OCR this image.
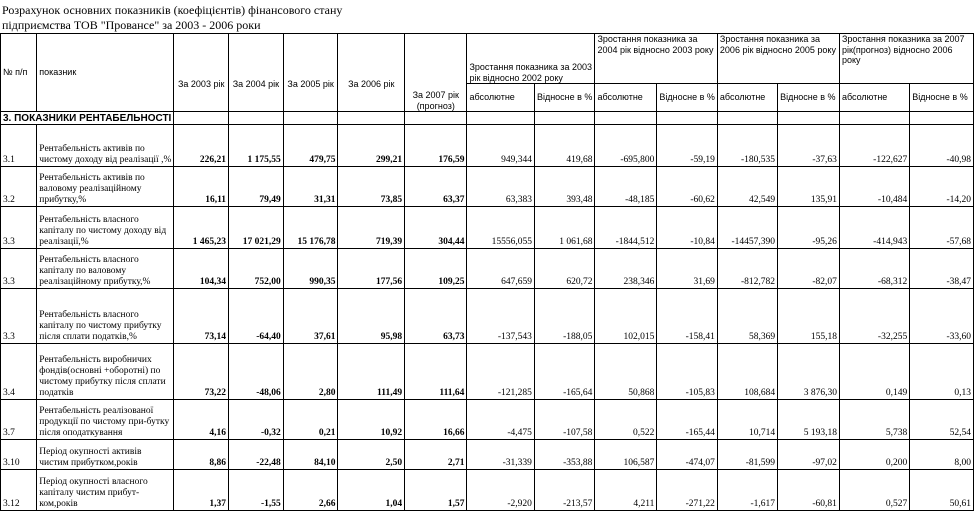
Розрахунок основних показників (коефіцієнтів) фінансового стану
підприємства ТОВ "Провансе" за 2003 - 2006 роки
№ п/п	показник	За 2003 рік	За 2004 рік	За 2005 рік	За 2006 рік	За 2007 рік (прогноз)	Зростання показника за 2003 рік відносно 2002 року		Зростання показника за 2004 рік відносно 2003 року		Зростання показника за 2006 рік відносно 2005 року		Зростання показника за 2007 рік(прогноз) відносно 2006 року	
							абсолютне	Відносне в %	абсолютне	Відносне в %	абсолютне	Відносне в %	абсолютне	Відносне в %
3. ПОКАЗНИКИ РЕНТАБЕЛЬНОСТІ														
3.1	Рентабельність активів по чистому доходу від реалізації ,%	226,21	1 175,55	479,75	299,21	176,59	949,344	419,68	-695,800	-59,19	-180,535	-37,63	-122,627	-40,98
3.2	Рентабельність активів по валовому реалізаційному прибутку,%	16,11	79,49	31,31	73,85	63,37	63,383	393,48	-48,185	-60,62	42,549	135,91	-10,484	-14,20
3.3	Рентабельність власного капіталу по чистому доходу від реалізації,%	1 465,23	17 021,29	15 176,78	719,39	304,44	15556,055	1 061,68	-1844,512	-10,84	-14457,390	-95,26	-414,943	-57,68
3.3	Рентабельність власного капіталу по валовому реалізаційному прибутку,%	104,34	752,00	990,35	177,56	109,25	647,659	620,72	238,346	31,69	-812,782	-82,07	-68,312	-38,47
3.3	Рентабельність власного капіталу по чистому прибутку після сплати податків,%	73,14	-64,40	37,61	95,98	63,73	-137,543	-188,05	102,015	-158,41	58,369	155,18	-32,255	-33,60
3.4	Рентабельність виробничих фондів(основні +оборотні) по чистому прибутку після сплати податків	73,22	-48,06	2,80	111,49	111,64	-121,285	-165,64	50,868	-105,83	108,684	3 876,30	0,149	0,13
3.7	Рентабельність реалізованої продукції по чистому при-бутку після оподаткування	4,16	-0,32	0,21	10,92	16,66	-4,475	-107,58	0,522	-165,44	10,714	5 193,18	5,738	52,54
3.10	Період окупності активів чистим прибутком,років	8,86	-22,48	84,10	2,50	2,71	-31,339	-353,88	106,587	-474,07	-81,599	-97,02	0,200	8,00
3.12	Період окупності власного капіталу чистим прибут-ком,років	1,37	-1,55	2,66	1,04	1,57	-2,920	-213,57	4,211	-271,22	-1,617	-60,81	0,527	50,61
